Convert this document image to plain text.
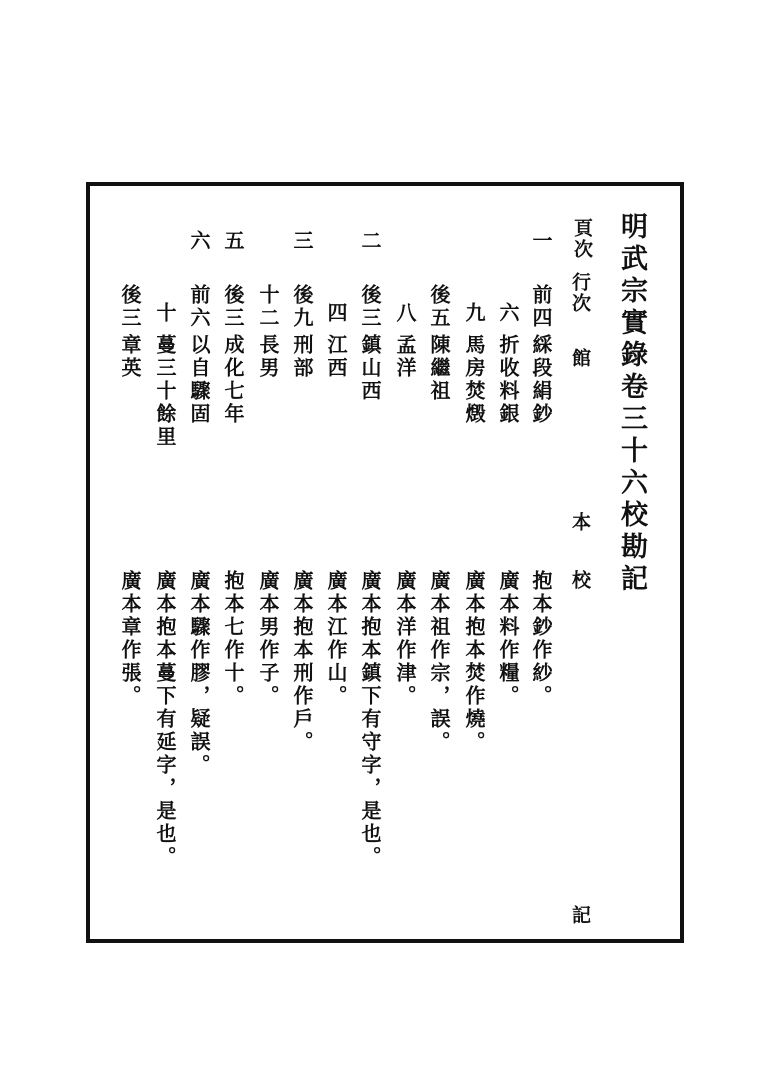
明武宗實錄卷三十六校勘記
頁次
行次
館
本
校
記
一
前四
綵段絹鈔
抱本鈔作紗。
六
折收料銀
廣本料作糧。
九
馬房焚燬
廣本抱本焚作燒。
後五
陳繼祖
廣本祖作宗，誤。
八
孟洋
廣本洋作津。
二
後三
鎮山西
廣本抱本鎮下有守字，是也。
四
江西
廣本江作山。
三
後九
刑部
廣本抱本刑作戶。
十二
長男
廣本男作子。
五
後三
成化七年
抱本七作十。
六
前六
以自驟固
廣本驟作膠，疑誤。
十
蔓三十餘里
廣本抱本蔓下有延字，是也。
後三
章英
廣本章作張。
